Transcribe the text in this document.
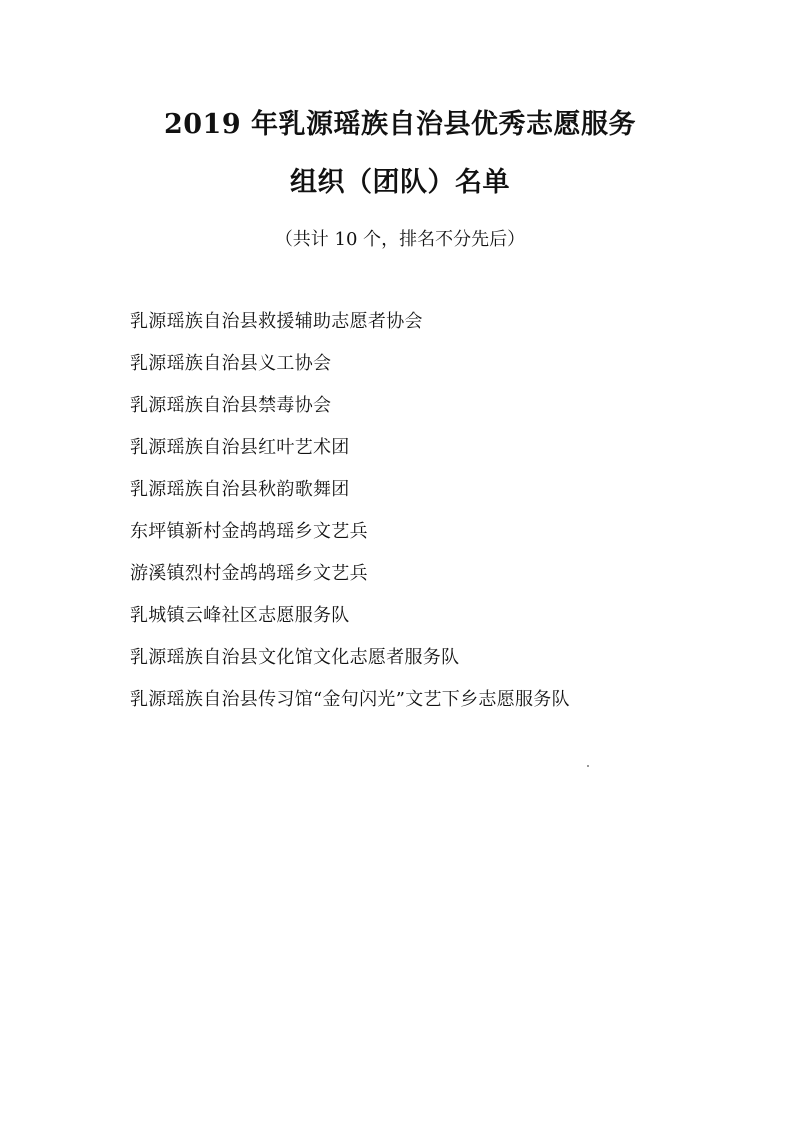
2019 年乳源瑶族自治县优秀志愿服务
组织（团队）名单
（共计 10 个，排名不分先后）
乳源瑶族自治县救援辅助志愿者协会
乳源瑶族自治县义工协会
乳源瑶族自治县禁毒协会
乳源瑶族自治县红叶艺术团
乳源瑶族自治县秋韵歌舞团
东坪镇新村金鸪鸪瑶乡文艺兵
游溪镇烈村金鸪鸪瑶乡文艺兵
乳城镇云峰社区志愿服务队
乳源瑶族自治县文化馆文化志愿者服务队
乳源瑶族自治县传习馆“金句闪光”文艺下乡志愿服务队
